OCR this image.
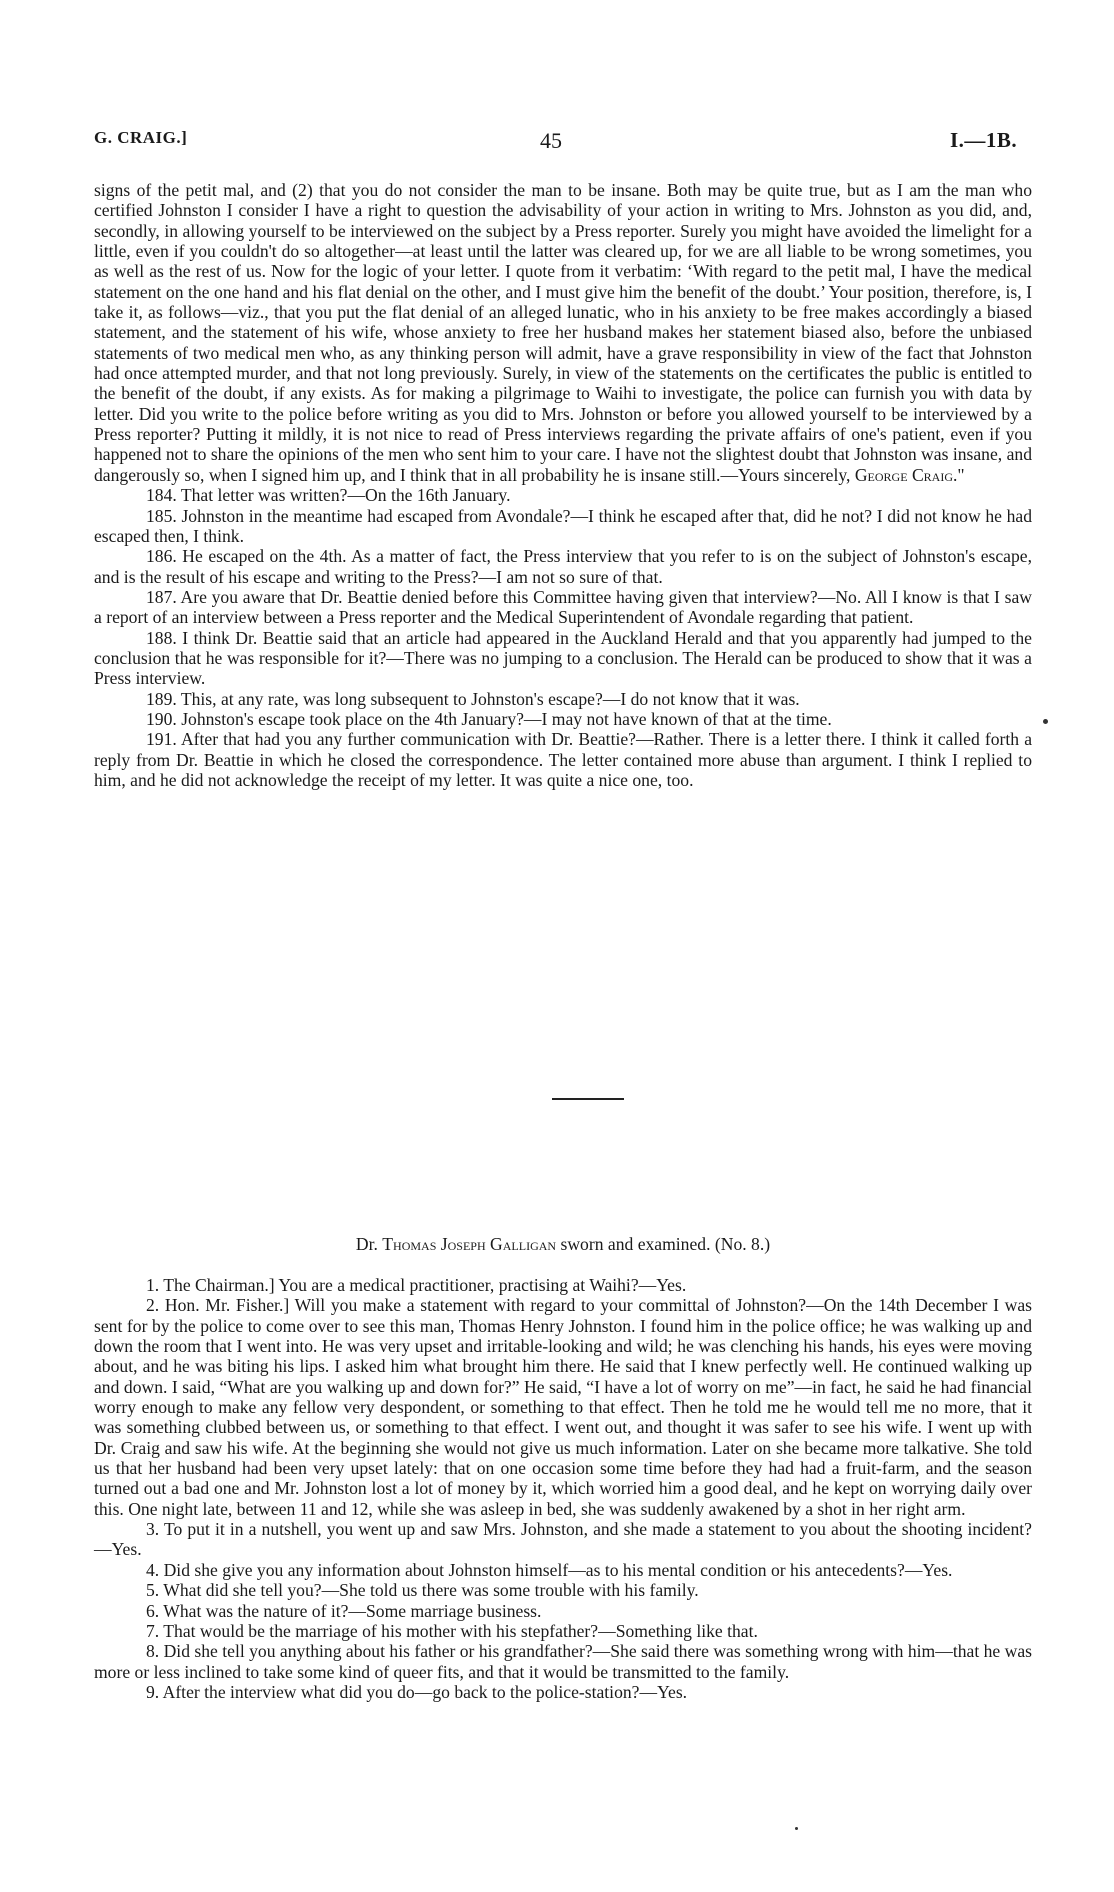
G. CRAIG.]	45	I.—1B.

signs of the petit mal, and (2) that you do not consider the man to be insane. Both may be quite true, but as I am the man who certified Johnston I consider I have a right to question the advisability of your action in writing to Mrs. Johnston as you did, and, secondly, in allowing yourself to be interviewed on the subject by a Press reporter. Surely you might have avoided the limelight for a little, even if you couldn't do so altogether—at least until the latter was cleared up, for we are all liable to be wrong sometimes, you as well as the rest of us. Now for the logic of your letter. I quote from it verbatim: ‘With regard to the petit mal, I have the medical statement on the one hand and his flat denial on the other, and I must give him the benefit of the doubt.’ Your position, therefore, is, I take it, as follows—viz., that you put the flat denial of an alleged lunatic, who in his anxiety to be free makes accordingly a biased statement, and the statement of his wife, whose anxiety to free her husband makes her statement biased also, before the unbiased statements of two medical men who, as any thinking person will admit, have a grave responsibility in view of the fact that Johnston had once attempted murder, and that not long previously. Surely, in view of the statements on the certificates the public is entitled to the benefit of the doubt, if any exists. As for making a pilgrimage to Waihi to investigate, the police can furnish you with data by letter. Did you write to the police before writing as you did to Mrs. Johnston or before you allowed yourself to be interviewed by a Press reporter? Putting it mildly, it is not nice to read of Press interviews regarding the private affairs of one's patient, even if you happened not to share the opinions of the men who sent him to your care. I have not the slightest doubt that Johnston was insane, and dangerously so, when I signed him up, and I think that in all probability he is insane still.—Yours sincerely, George Craig."

184. That letter was written?—On the 16th January.

185. Johnston in the meantime had escaped from Avondale?—I think he escaped after that, did he not? I did not know he had escaped then, I think.

186. He escaped on the 4th. As a matter of fact, the Press interview that you refer to is on the subject of Johnston's escape, and is the result of his escape and writing to the Press?—I am not so sure of that.

187. Are you aware that Dr. Beattie denied before this Committee having given that interview?—No. All I know is that I saw a report of an interview between a Press reporter and the Medical Superintendent of Avondale regarding that patient.

188. I think Dr. Beattie said that an article had appeared in the Auckland Herald and that you apparently had jumped to the conclusion that he was responsible for it?—There was no jumping to a conclusion. The Herald can be produced to show that it was a Press interview.

189. This, at any rate, was long subsequent to Johnston's escape?—I do not know that it was.

190. Johnston's escape took place on the 4th January?—I may not have known of that at the time.

191. After that had you any further communication with Dr. Beattie?—Rather. There is a letter there. I think it called forth a reply from Dr. Beattie in which he closed the correspondence. The letter contained more abuse than argument. I think I replied to him, and he did not acknowledge the receipt of my letter. It was quite a nice one, too.

Dr. Thomas Joseph Galligan sworn and examined. (No. 8.)

1. The Chairman.] You are a medical practitioner, practising at Waihi?—Yes.

2. Hon. Mr. Fisher.] Will you make a statement with regard to your committal of Johnston?—On the 14th December I was sent for by the police to come over to see this man, Thomas Henry Johnston. I found him in the police office; he was walking up and down the room that I went into. He was very upset and irritable-looking and wild; he was clenching his hands, his eyes were moving about, and he was biting his lips. I asked him what brought him there. He said that I knew perfectly well. He continued walking up and down. I said, “What are you walking up and down for?” He said, “I have a lot of worry on me”—in fact, he said he had financial worry enough to make any fellow very despondent, or something to that effect. Then he told me he would tell me no more, that it was something clubbed between us, or something to that effect. I went out, and thought it was safer to see his wife. I went up with Dr. Craig and saw his wife. At the beginning she would not give us much information. Later on she became more talkative. She told us that her husband had been very upset lately: that on one occasion some time before they had had a fruit-farm, and the season turned out a bad one and Mr. Johnston lost a lot of money by it, which worried him a good deal, and he kept on worrying daily over this. One night late, between 11 and 12, while she was asleep in bed, she was suddenly awakened by a shot in her right arm.

3. To put it in a nutshell, you went up and saw Mrs. Johnston, and she made a statement to you about the shooting incident?—Yes.

4. Did she give you any information about Johnston himself—as to his mental condition or his antecedents?—Yes.

5. What did she tell you?—She told us there was some trouble with his family.

6. What was the nature of it?—Some marriage business.

7. That would be the marriage of his mother with his stepfather?—Something like that.

8. Did she tell you anything about his father or his grandfather?—She said there was something wrong with him—that he was more or less inclined to take some kind of queer fits, and that it would be transmitted to the family.

9. After the interview what did you do—go back to the police-station?—Yes.
